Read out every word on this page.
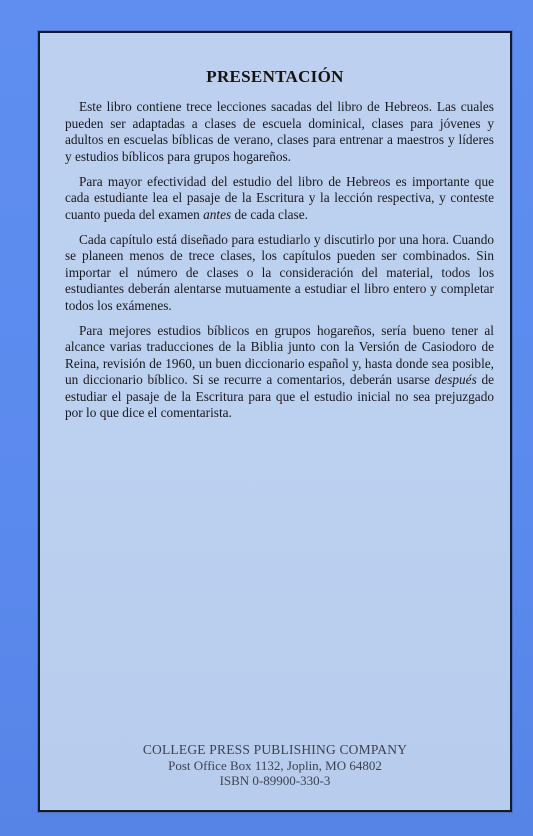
PRESENTACIÓN

Este libro contiene trece lecciones sacadas del libro de Hebreos. Las cuales pueden ser adaptadas a clases de escuela dominical, clases para jóvenes y adultos en escuelas bíblicas de verano, clases para entrenar a maestros y líderes y estudios bíblicos para grupos hogareños.

Para mayor efectividad del estudio del libro de Hebreos es importante que cada estudiante lea el pasaje de la Escritura y la lección respectiva, y conteste cuanto pueda del examen antes de cada clase.

Cada capítulo está diseñado para estudiarlo y discutirlo por una hora. Cuando se planeen menos de trece clases, los capítulos pueden ser combinados. Sin importar el número de clases o la consideración del material, todos los estudiantes deberán alentarse mutuamente a estudiar el libro entero y completar todos los exámenes.

Para mejores estudios bíblicos en grupos hogareños, sería bueno tener al alcance varias traducciones de la Biblia junto con la Versión de Casiodoro de Reina, revisión de 1960, un buen diccionario español y, hasta donde sea posible, un diccionario bíblico. Si se recurre a comentarios, deberán usarse después de estudiar el pasaje de la Escritura para que el estudio inicial no sea prejuzgado por lo que dice el comentarista.

COLLEGE PRESS PUBLISHING COMPANY
Post Office Box 1132, Joplin, MO 64802
ISBN 0-89900-330-3
